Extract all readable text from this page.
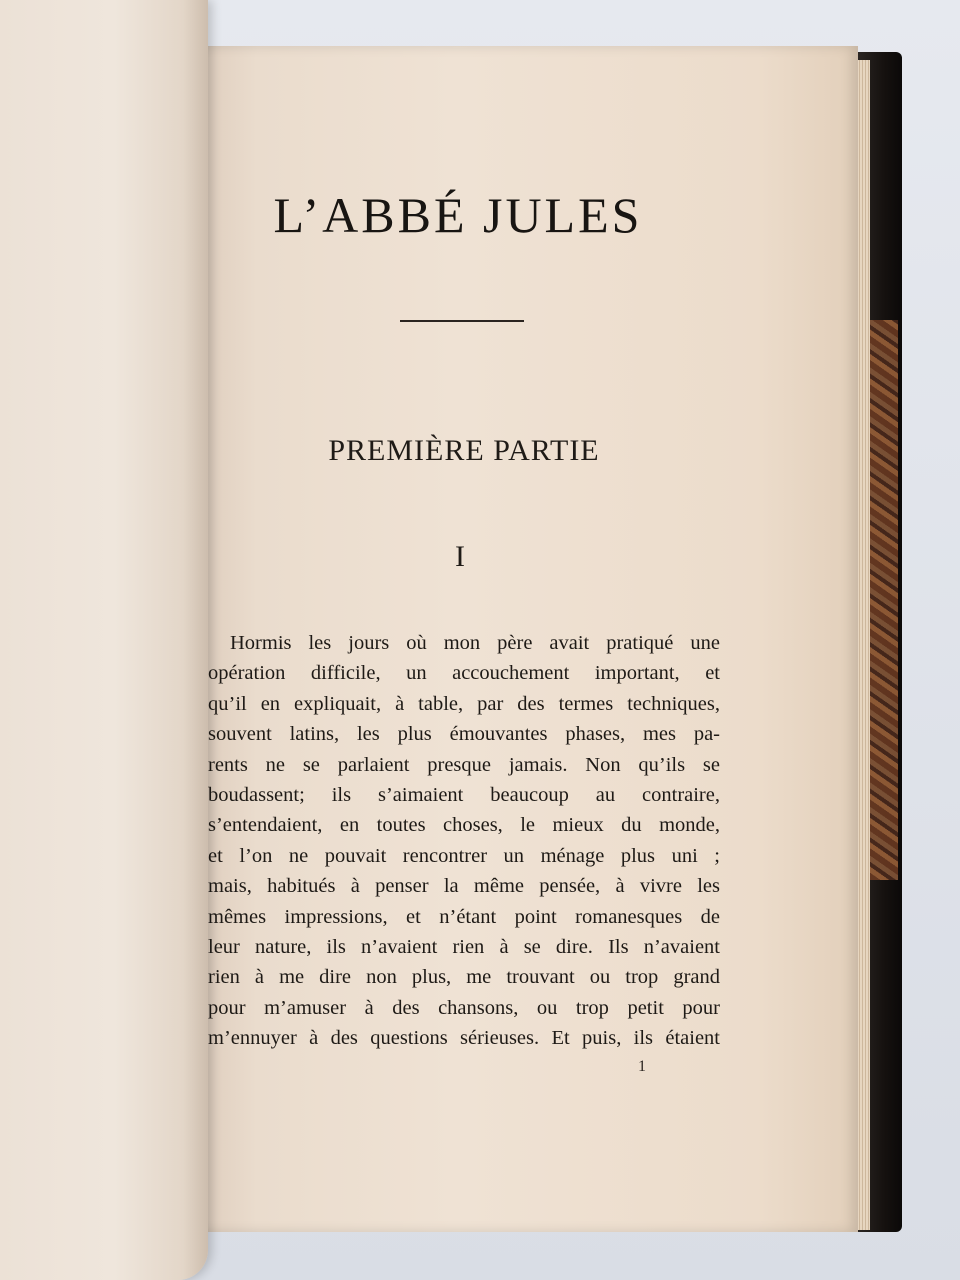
L’ABBÉ JULES
PREMIÈRE PARTIE
I
Hormis les jours où mon père avait pratiqué une
opération difficile, un accouchement important, et
qu’il en expliquait, à table, par des termes techniques,
souvent latins, les plus émouvantes phases, mes pa-
rents ne se parlaient presque jamais. Non qu’ils se
boudassent; ils s’aimaient beaucoup au contraire,
s’entendaient, en toutes choses, le mieux du monde,
et l’on ne pouvait rencontrer un ménage plus uni ;
mais, habitués à penser la même pensée, à vivre les
mêmes impressions, et n’étant point romanesques de
leur nature, ils n’avaient rien à se dire. Ils n’avaient
rien à me dire non plus, me trouvant ou trop grand
pour m’amuser à des chansons, ou trop petit pour
m’ennuyer à des questions sérieuses. Et puis, ils étaient
1
